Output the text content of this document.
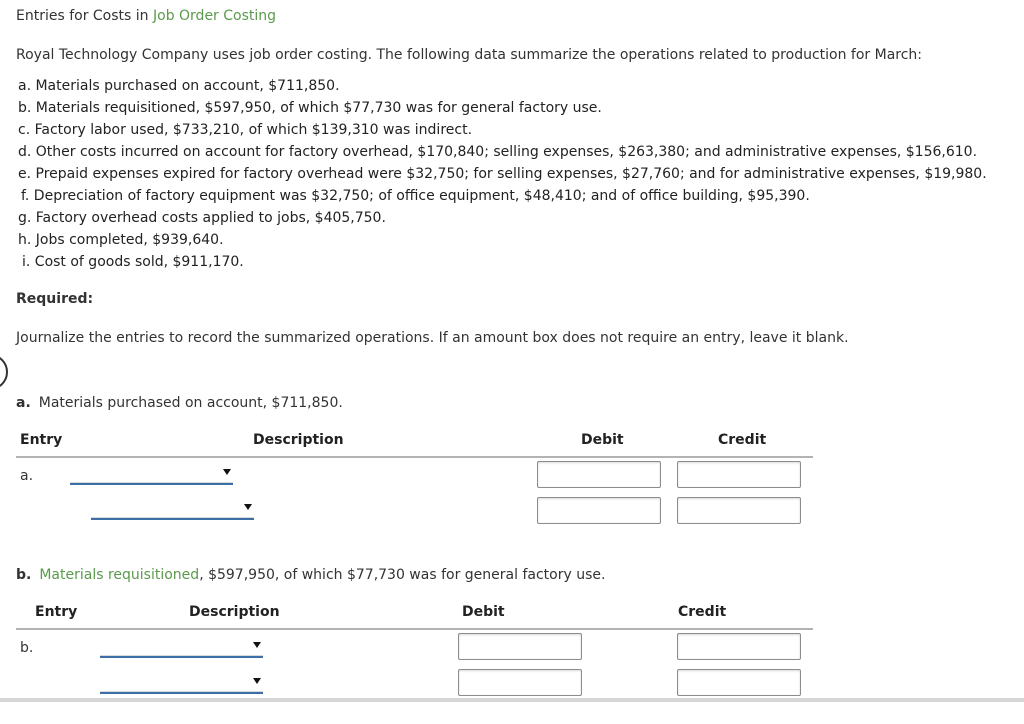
Entries for Costs in Job Order Costing
Royal Technology Company uses job order costing. The following data summarize the operations related to production for March:
a. Materials purchased on account, $711,850.
b. Materials requisitioned, $597,950, of which $77,730 was for general factory use.
c. Factory labor used, $733,210, of which $139,310 was indirect.
d. Other costs incurred on account for factory overhead, $170,840; selling expenses, $263,380; and administrative expenses, $156,610.
e. Prepaid expenses expired for factory overhead were $32,750; for selling expenses, $27,760; and for administrative expenses, $19,980.
f. Depreciation of factory equipment was $32,750; of office equipment, $48,410; and of office building, $95,390.
g. Factory overhead costs applied to jobs, $405,750.
h. Jobs completed, $939,640.
i. Cost of goods sold, $911,170.
Required:
Journalize the entries to record the summarized operations. If an amount box does not require an entry, leave it blank.
a. Materials purchased on account, $711,850.
Entry	Description	Debit	Credit
a.
b. Materials requisitioned, $597,950, of which $77,730 was for general factory use.
Entry	Description	Debit	Credit
b.
